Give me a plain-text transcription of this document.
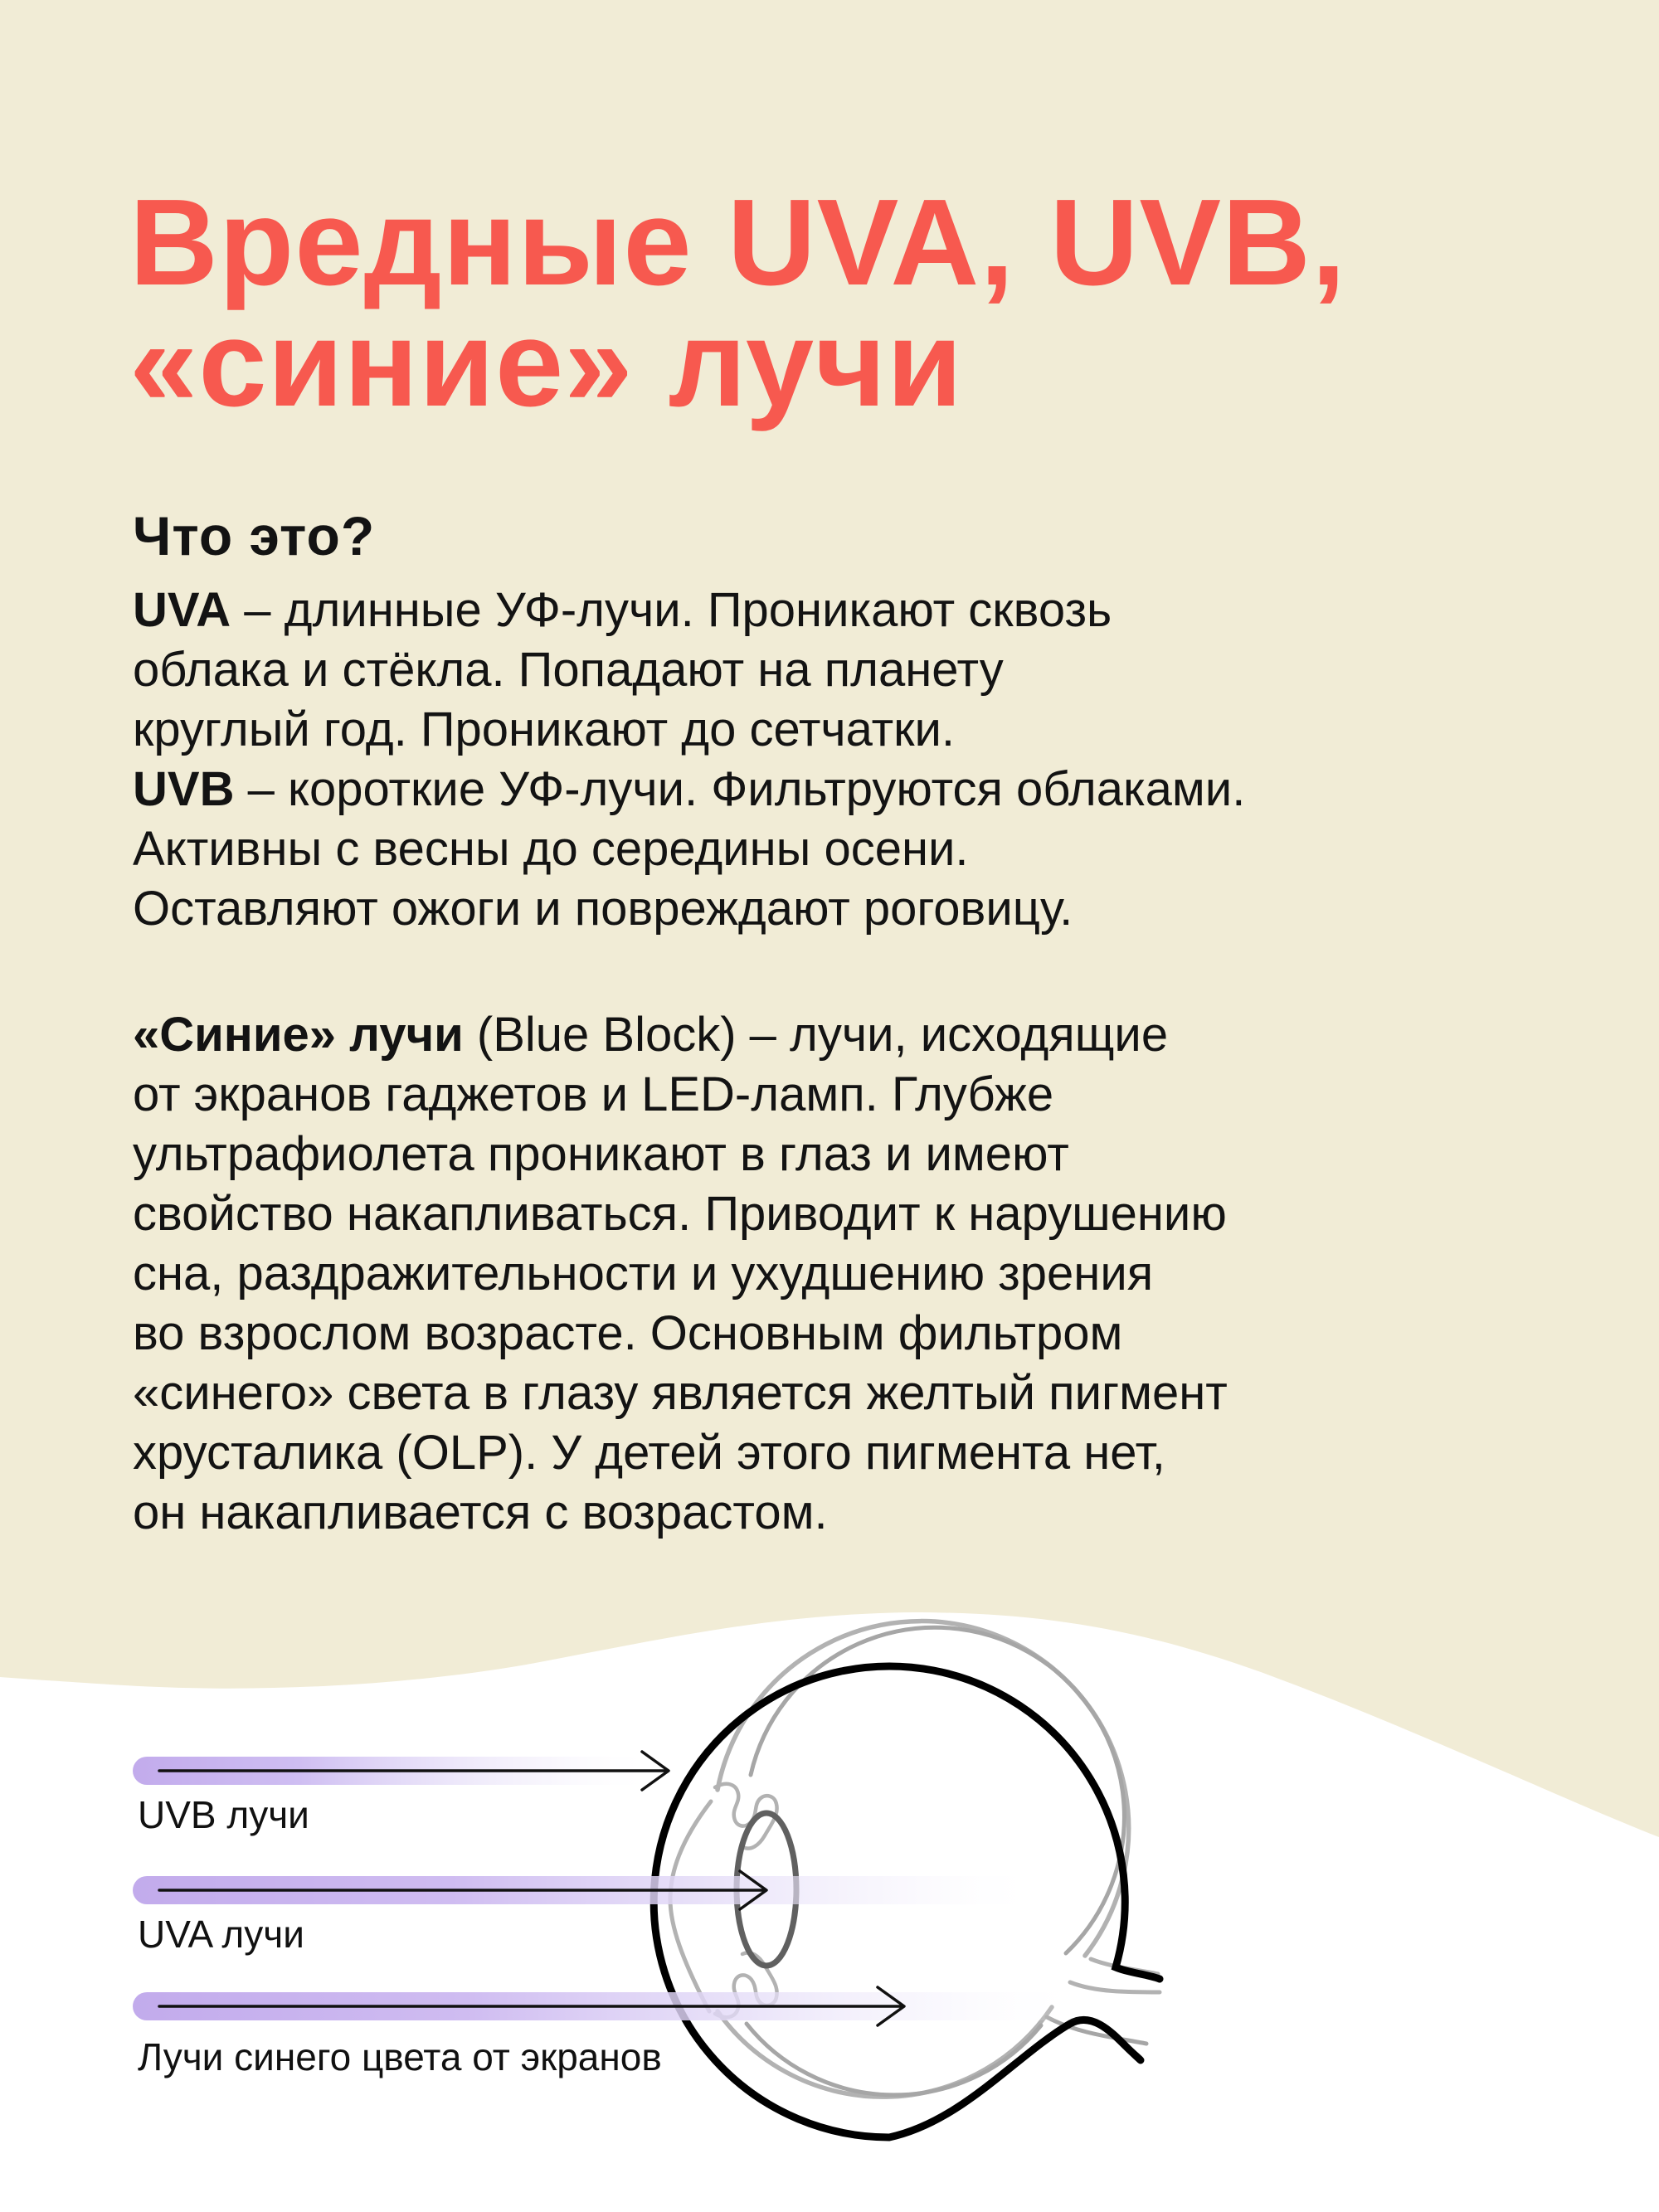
Вредные UVA, UVB,
«синие» лучи
Что это?
UVA – длинные УФ-лучи. Проникают сквозь
облака и стёкла. Попадают на планету
круглый год. Проникают до сетчатки.
UVB – короткие УФ-лучи. Фильтруются облаками.
Активны с весны до середины осени.
Оставляют ожоги и повреждают роговицу.
«Синие» лучи (Blue Block) – лучи, исходящие
от экранов гаджетов и LED-ламп. Глубже
ультрафиолета проникают в глаз и имеют
свойство накапливаться. Приводит к нарушению
сна, раздражительности и ухудшению зрения
во взрослом возрасте. Основным фильтром
«синего» света в глазу является желтый пигмент
хрусталика (OLP). У детей этого пигмента нет,
он накапливается с возрастом.
UVB лучи
UVA лучи
Лучи синего цвета от экранов
